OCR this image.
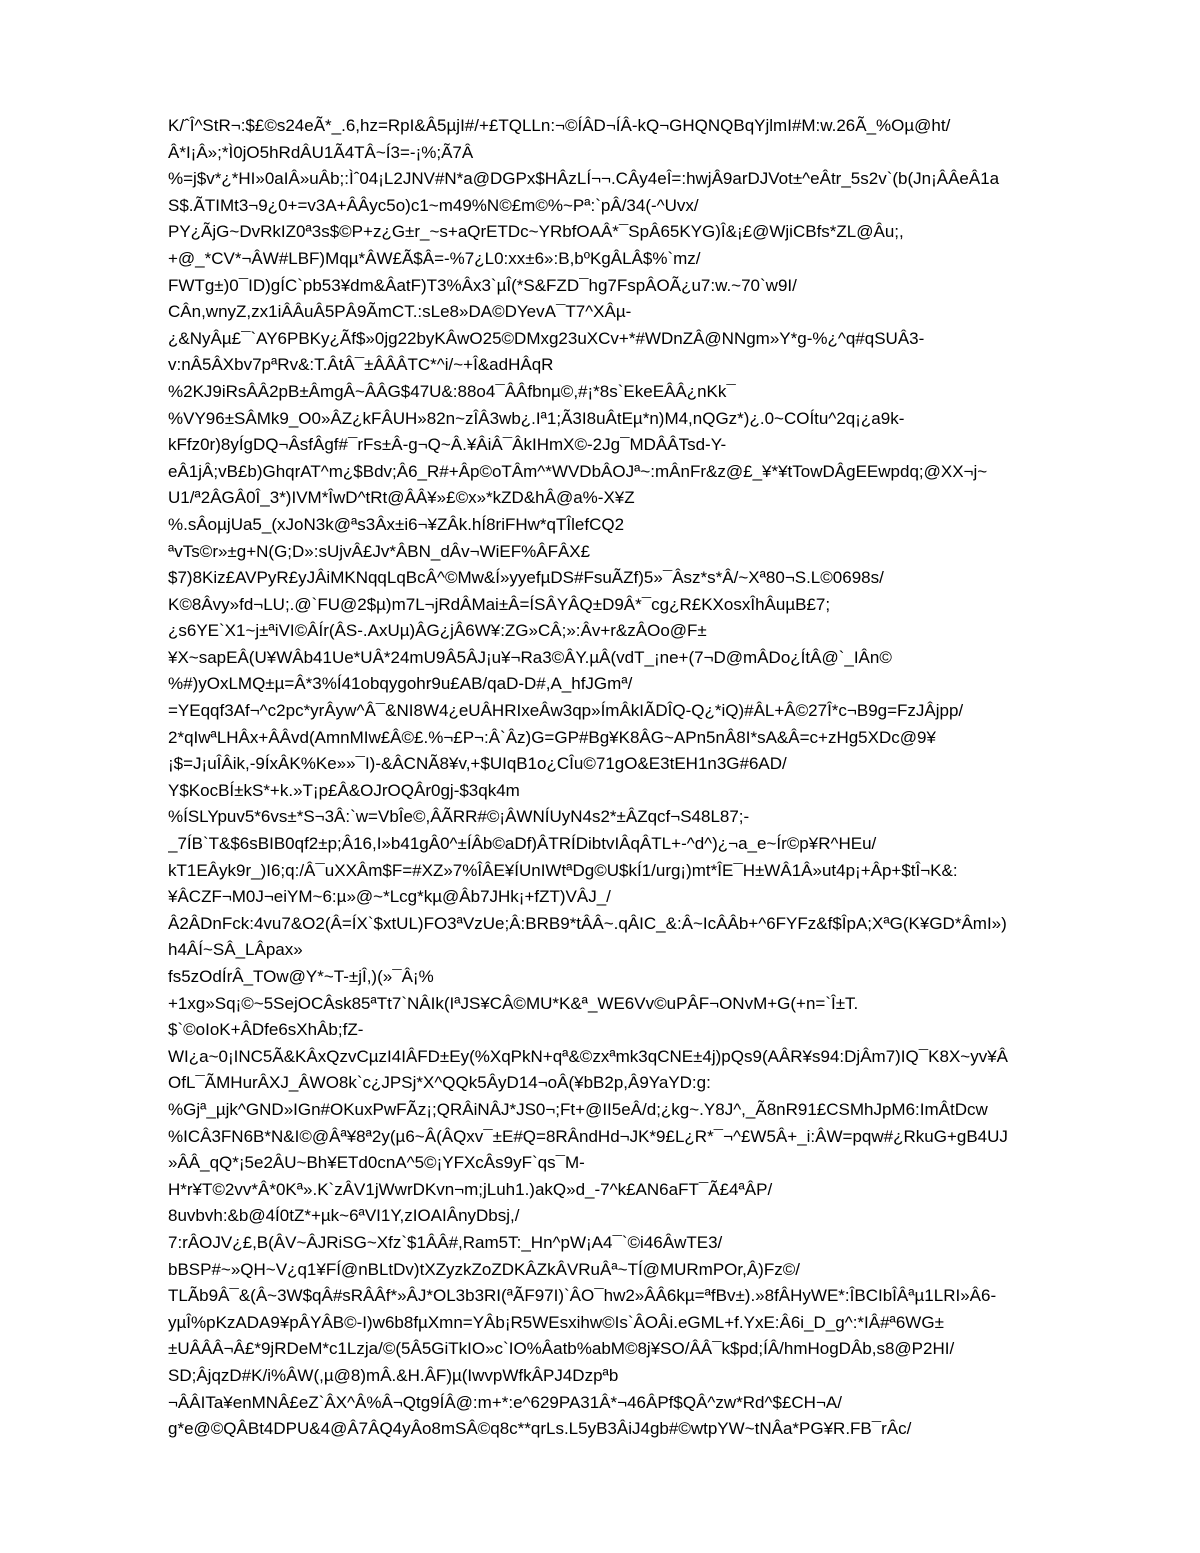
K/ˆÎ^StR¬:$£©s24eÃ*_.6,hz=RpI&Â5µjI#/+£TQLLn:¬©ÍÂD¬ÍÂ-kQ¬GHQNQBqYjlmI#M:w.26Ã_%Oµ@ht/
Â*I¡Â»;*Ì0jO5hRdÂU1Ã4TÂ~Í3=-¡%;Ã7Â
%=j$v*¿*HI»0aIÂ»uÂb;:Ìˆ04¡L2JNV#N*a@DGPx$HÂzLÍ¬¬.CÂy4eÎ=:hwjÂ9arDJVot±^eÂtr_5s2v`(b(Jn¡ÂÂeÂ1a
S$.ÃTIMt3¬9¿0+=v3A+ÂÂyc5o)c1~m49%N©£m©%~Pª:`pÂ/34(-^Uvx/
PY¿ÃjG~DvRkIZ0ª3s$©P+z¿G±r_~s+aQrETDc~YRbfOAÂ*¯SpÂ65KYG)Î&¡£@WjiCBfs*ZL@Âu;,
+@_*CV*¬ÂW#LBF)Mqµ*ÂW£Ã$Â=-%7¿L0:xx±6»:B,bºKgÂLÂ$%`mz/
FWTg±)0¯ID)gÍC`pb53¥dm&ÂatF)T3%Âx3`µÎ(*S&FZD¯hg7FspÂOÃ¿u7:w.~70`w9I/
CÂn,wnyZ,zx1iÂÂuÂ5PÂ9ÃmCT.:sLe8»DA©DYevA¯T7^XÂµ-
¿&NyÂµ£¯`AY6PBKy¿Ãf$»0jg22byKÂwO25©DMxg23uXCv+*#WDnZÂ@NNgm»Y*g-%¿^q#qSUÂ3-
v:nÂ5ÂXbv7pªRv&:T.ÂtÂ¯±ÂÂÂTC*^i/~+Î&adHÂqR
%2KJ9iRsÂÂ2pB±ÂmgÂ~ÂÂG$47U&:88o4¯ÂÂfbnµ©,#¡*8s`EkeEÂÂ¿nKk¯
%VY96±SÂMk9_O0»ÂZ¿kFÂUH»82n~zÎÂ3wb¿.Iª1;Ã3I8uÂtEµ*n)M4,nQGz*)¿.0~COÍtu^2q¡¿a9k-
kFfz0r)8yÍgDQ¬ÂsfÂgf#¯rFs±Â-g¬Q~Â.¥ÂiÂ¯ÂkIHmX©-2Jg¯MDÂÂTsd-Y-
eÂ1jÂ;vB£b)GhqrAT^m¿$Bdv;Â6_R#+Âp©oTÂm^*WVDbÂOJª~:mÂnFr&z@£_¥*¥tTowDÂgEEwpdq;@XX¬j~
U1/ª2ÂGÂ0Î_3*)IVM*ÎwD^tRt@ÂÂ¥»£©x»*kZD&hÂ@a%-X¥Z
%.sÂoµjUa5_(xJoN3k@ªs3Âx±i6¬¥ZÂk.hÍ8riFHw*qTÎlefCQ2
ªvTs©r»±g+N(G;D»:sUjvÂ£Jv*ÂBN_dÂv¬WiEF%ÂFÂX£
$7)8Kiz£AVPyR£yJÂiMKNqqLqBcÂ^©Mw&Í»yyefµDS#FsuÃZf)5»¯Âsz*s*Â/~Xª80¬S.L©0698s/
K©8Âvy»fd¬LU;.@`FU@2$µ)m7L¬jRdÂMai±Â=ÍSÂYÂQ±D9Â*¯cg¿R£KXosxÎhÂuµB£7;
¿s6YE`X1~j±ªiVI©ÂÍr(ÂS-.AxUµ)ÂG¿jÂ6W¥:ZG»CÂ;»:Âv+r&zÂOo@F±
¥X~sapEÂ(U¥WÂb41Ue*UÂ*24mU9Â5ÂJ¡u¥¬Ra3©ÂY.µÂ(vdT_¡ne+(7¬D@mÂDo¿ÍtÂ@`_IÂn©
%#)yOxLMQ±µ=Â*3%Í41obqygohr9u£AB/qaD-D#,A_hfJGmª/
=YEqqf3Af¬^c2pc*yrÂyw^Â¯&NI8W4¿eUÂHRIxeÂw3qp»ÍmÂkIÃDÎQ-Q¿*iQ)#ÂL+Â©27Î*c¬B9g=FzJÂjpp/
2*qIwªLHÂx+ÂÂvd(AmnMIw£Â©£.%¬£P¬:Â`Âz)G=GP#Bg¥K8ÂG~APn5nÂ8I*sA&Â=c+zHg5XDc@9¥
¡$=J¡uÎÂik,-9ÍxÂK%Ke»»¯I)-&ÂCNÃ8¥v,+$UIqB1o¿CÎu©71gO&E3tEH1n3G#6AD/
Y$KocBÍ±kS*+k.»T¡p£Â&OJrOQÂr0gj-$3qk4m
%ÍSLYpuv5*6vs±*S¬3Â:`w=VbÎe©,ÂÃRR#©¡ÂWNÍUyN4s2*±ÂZqcf¬S48L87;-
_7ÍB`T&$6sBIB0qf2±p;Â16,I»b41gÂ0^±ÍÂb©aDf)ÂTRÍDibtvIÂqÂTL+-^d^)¿¬a_e~Ír©p¥R^HEu/
kT1EÂyk9r_)I6;q:/Â¯uXXÂm$F=#XZ»7%ÎÂE¥ÍUnIWtªDg©U$kÍ1/urg¡)mt*ÎE¯H±WÂ1Â»ut4p¡+Âp+$tÎ¬K&:
¥ÂCZF¬M0J¬eiYM~6:µ»@~*Lcg*kµ@Âb7JHk¡+fZT)VÂJ_/
Â2ÂDnFck:4vu7&O2(Â=ÍX`$xtUL)FO3ªVzUe;Â:BRB9*tÂÂ~.qÂIC_&:Â~IcÂÂb+^6FYFz&f$ÎpA;XªG(K¥GD*ÂmI»)
h4ÂÍ~SÂ_LÂpax»
fs5zOdÍrÂ_TOw@Y*~T-±jÎ,)(»¯Â¡%
+1xg»Sq¡©~5SejOCÂsk85ªTt7`NÂIk(IªJS¥CÂ©MU*K&ª_WE6Vv©uPÂF¬ONvM+G(+n=`Î±T.
$`©oIoK+ÂDfe6sXhÂb;fZ-
WI¿a~0¡INC5Ã&KÂxQzvCµzI4IÂFD±Ey(%XqPkN+qª&©zxªmk3qCNE±4j)pQs9(AÂR¥s94:DjÂm7)IQ¯K8X~yv¥Â
OfL¯ÃMHurÂXJ_ÂWO8k`c¿JPSj*X^QQk5ÂyD14¬oÂ(¥bB2p,Â9YaYD:g:
%Gjª_µjk^GND»IGn#OKuxPwFÃz¡;QRÂiNÂJ*JS0¬;Ft+@II5eÂ/d;¿kg~.Y8J^,_Ã8nR91£CSMhJpM6:ImÂtDcw
%ICÂ3FN6B*N&I©@Âª¥8ª2y(µ6~Â(ÂQxv¯±E#Q=8RÂndHd¬JK*9£L¿R*¯¬^£W5Â+_i:ÂW=pqw#¿RkuG+gB4UJ
»ÂÂ_qQ*¡5e2ÂU~Bh¥ETd0cnA^5©¡YFXcÂs9yF`qs¯M-
H*r¥T©2vv*Â*0Kª».K`zÂV1jWwrDKvn¬m;jLuh1.)akQ»d_-7^k£AN6aFT¯Ã£4ªÂP/
8uvbvh:&b@4Í0tZ*+µk~6ªVI1Y,zIOAIÂnyDbsj,/
7:rÂOJV¿£,B(ÂV~ÂJRiSG~Xfz`$1ÂÂ#,Ram5T:_Hn^pW¡A4¯`©i46ÂwTE3/
bBSP#~»QH~V¿q1¥FÍ@nBLtDv)tXZyzkZoZDKÂZkÂVRuÂª~TÍ@MURmPOr,Â)Fz©/
TLÃb9Â¯&(Â~3W$qÂ#sRÂÂf*»ÂJ*OL3b3RI(ªÃF97I)`ÂO¯hw2»ÂÂ6kµ=ªfBv±).»8fÂHyWE*:ÎBCIbÎÂªµ1LRI»Â6-
yµÎ%pKzADA9¥pÂYÂB©-I)w6b8fµXmn=YÂb¡R5WEsxihw©Is`ÂOÂi.eGML+f.YxE:Â6i_D_g^:*IÂ#ª6WG±
±UÂÂÂ¬Â£*9jRDeM*c1Lzja/©(5Â5GiTkIO»c`IO%Âatb%abM©8j¥SO/ÂÂ¯k$pd;ÍÂ/hmHogDÂb,s8@P2HI/
SD;ÂjqzD#K/i%ÂW(,µ@8)mÂ.&H.ÂF)µ(IwvpWfkÂPJ4Dzpªb
¬ÂÂITa¥enMNÂ£eZ`ÂX^Â%Â¬Qtg9ÍÂ@:m+*:e^629PA31Â*¬46ÂPf$QÂ^zw*Rd^$£CH¬A/
g*e@©QÂBt4DPU&4@Â7ÂQ4yÂo8mSÂ©q8c**qrLs.L5yB3ÂiJ4gb#©wtpYW~tNÂa*PG¥R.FB¯rÂc/
